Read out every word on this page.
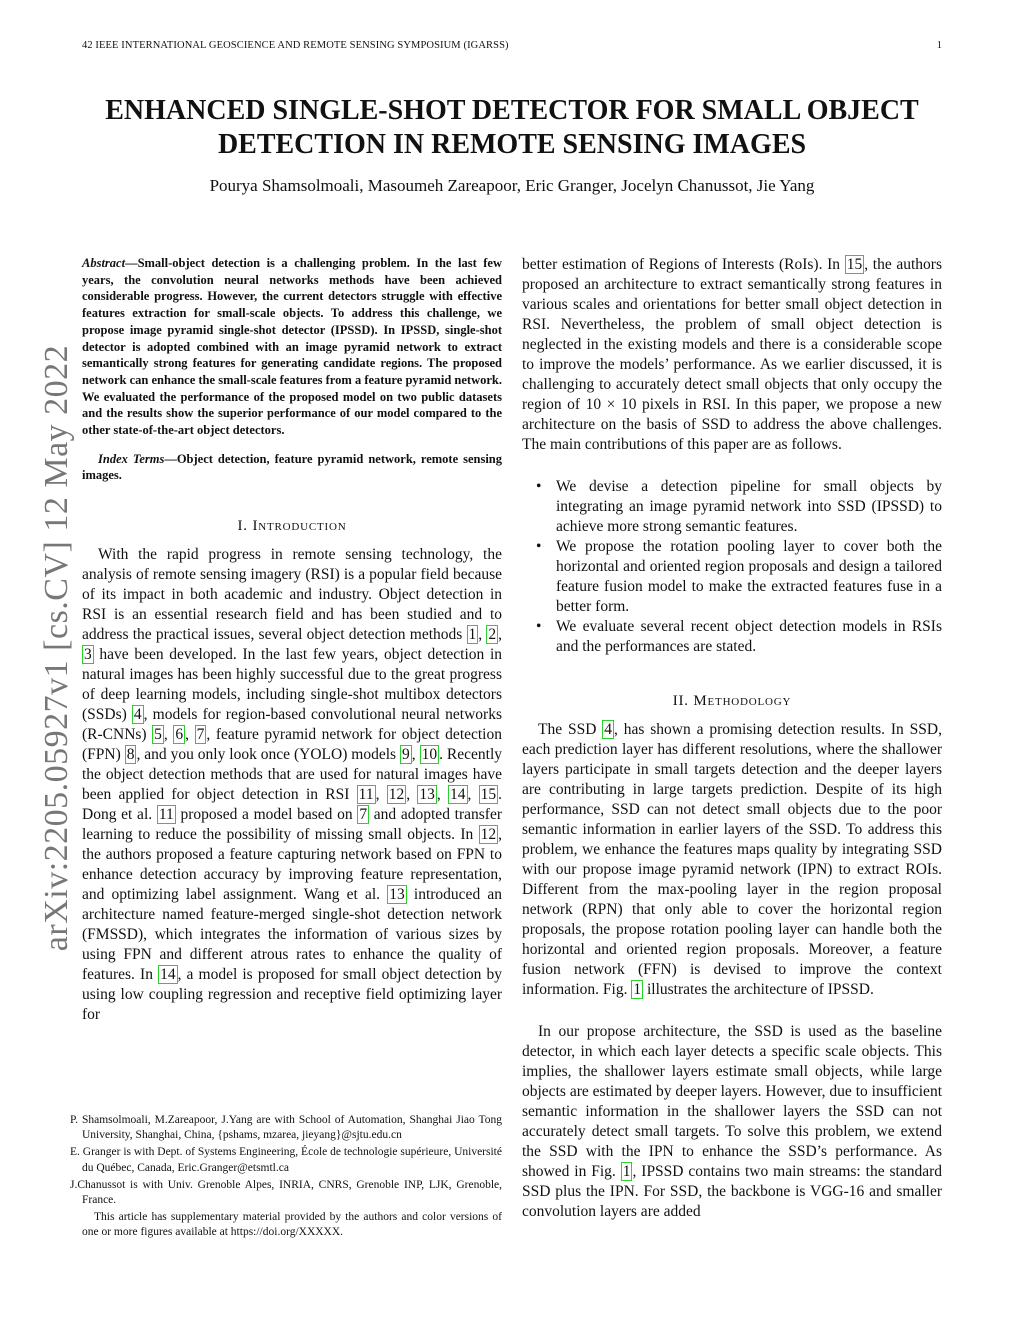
42 IEEE INTERNATIONAL GEOSCIENCE AND REMOTE SENSING SYMPOSIUM (IGARSS)	1
ENHANCED SINGLE-SHOT DETECTOR FOR SMALL OBJECT
DETECTION IN REMOTE SENSING IMAGES
Pourya Shamsolmoali, Masoumeh Zareapoor, Eric Granger, Jocelyn Chanussot, Jie Yang
arXiv:2205.05927v1 [cs.CV] 12 May 2022

Abstract—Small-object detection is a challenging problem. In the last few years, the convolution neural networks methods have been achieved considerable progress. However, the current detectors struggle with effective features extraction for small-scale objects. To address this challenge, we propose image pyramid single-shot detector (IPSSD). In IPSSD, single-shot detector is adopted combined with an image pyramid network to extract semantically strong features for generating candidate regions. The proposed network can enhance the small-scale features from a feature pyramid network. We evaluated the performance of the proposed model on two public datasets and the results show the superior performance of our model compared to the other state-of-the-art object detectors.

Index Terms—Object detection, feature pyramid network, remote sensing images.

I. Introduction

With the rapid progress in remote sensing technology, the analysis of remote sensing imagery (RSI) is a popular field because of its impact in both academic and industry. Object detection in RSI is an essential research field and has been studied and to address the practical issues, several object detection methods 1 , 2 , 3 have been developed. In the last few years, object detection in natural images has been highly successful due to the great progress of deep learning models, including single-shot multibox detectors (SSDs) 4 , models for region-based convolutional neural networks (R-CNNs) 5 , 6 , 7 , feature pyramid network for object detection (FPN) 8 , and you only look once (YOLO) models 9 , 10 . Recently the object detection methods that are used for natural images have been applied for object detection in RSI 11 , 12 , 13 , 14 , 15 . Dong et al. 11 proposed a model based on 7 and adopted transfer learning to reduce the possibility of missing small objects. In 12 , the authors proposed a feature capturing network based on FPN to enhance detection accuracy by improving feature representation, and optimizing label assignment. Wang et al. 13 introduced an architecture named feature-merged single-shot detection network (FMSSD), which integrates the information of various sizes by using FPN and different atrous rates to enhance the quality of features. In 14 , a model is proposed for small object detection by using low coupling regression and receptive field optimizing layer for

better estimation of Regions of Interests (RoIs). In 15 , the authors proposed an architecture to extract semantically strong features in various scales and orientations for better small object detection in RSI. Nevertheless, the problem of small object detection is neglected in the existing models and there is a considerable scope to improve the models’ performance. As we earlier discussed, it is challenging to accurately detect small objects that only occupy the region of 10 × 10 pixels in RSI. In this paper, we propose a new architecture on the basis of SSD to address the above challenges. The main contributions of this paper are as follows.

• We devise a detection pipeline for small objects by integrating an image pyramid network into SSD (IPSSD) to achieve more strong semantic features.
• We propose the rotation pooling layer to cover both the horizontal and oriented region proposals and design a tailored feature fusion model to make the extracted features fuse in a better form.
• We evaluate several recent object detection models in RSIs and the performances are stated.
II. Methodology

The SSD 4 , has shown a promising detection results. In SSD, each prediction layer has different resolutions, where the shallower layers participate in small targets detection and the deeper layers are contributing in large targets prediction. Despite of its high performance, SSD can not detect small objects due to the poor semantic information in earlier layers of the SSD. To address this problem, we enhance the features maps quality by integrating SSD with our propose image pyramid network (IPN) to extract ROIs. Different from the max-pooling layer in the region proposal network (RPN) that only able to cover the horizontal region proposals, the propose rotation pooling layer can handle both the horizontal and oriented region proposals. Moreover, a feature fusion network (FFN) is devised to improve the context information. Fig. 1 illustrates the architecture of IPSSD.

In our propose architecture, the SSD is used as the baseline detector, in which each layer detects a specific scale objects. This implies, the shallower layers estimate small objects, while large objects are estimated by deeper layers. However, due to insufficient semantic information in the shallower layers the SSD can not accurately detect small targets. To solve this problem, we extend the SSD with the IPN to enhance the SSD’s performance. As showed in Fig. 1 , IPSSD contains two main streams: the standard SSD plus the IPN. For SSD, the backbone is VGG-16 and smaller convolution layers are added

P. Shamsolmoali, M.Zareapoor, J.Yang are with School of Automation, Shanghai Jiao Tong University, Shanghai, China, {pshams, mzarea, jieyang}@sjtu.edu.cn

E. Granger is with Dept. of Systems Engineering, École de technologie supérieure, Université du Québec, Canada, Eric.Granger@etsmtl.ca

J.Chanussot is with Univ. Grenoble Alpes, INRIA, CNRS, Grenoble INP, LJK, Grenoble, France.

This article has supplementary material provided by the authors and color versions of one or more figures available at https://doi.org/XXXXX.
